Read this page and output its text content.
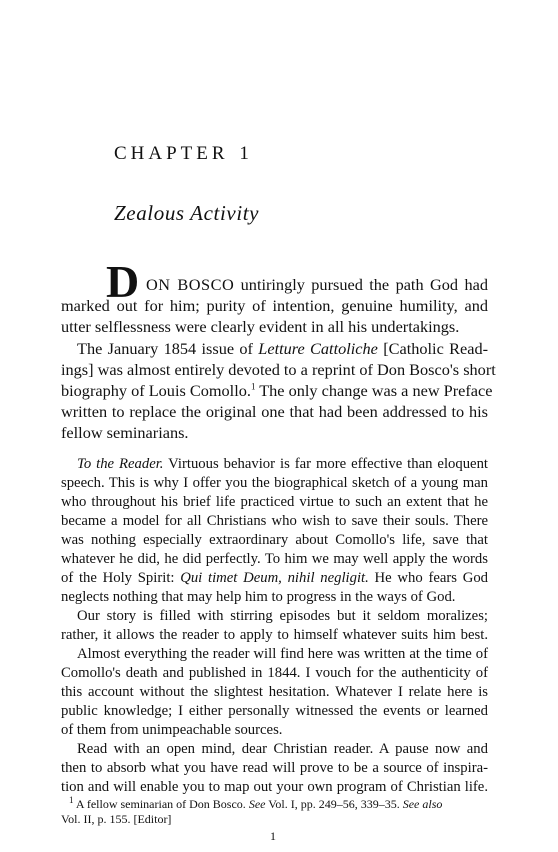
CHAPTER 1
Zealous Activity
D ON BOSCO untiringly pursued the path God had
marked out for him; purity of intention, genuine humility, and
utter selflessness were clearly evident in all his undertakings.
The January 1854 issue of Letture Cattoliche [Catholic Read-
ings] was almost entirely devoted to a reprint of Don Bosco's short
biography of Louis Comollo.$^1$ The only change was a new Preface
written to replace the original one that had been addressed to his
fellow seminarians.
To the Reader. Virtuous behavior is far more effective than eloquent
speech. This is why I offer you the biographical sketch of a young man
who throughout his brief life practiced virtue to such an extent that he
became a model for all Christians who wish to save their souls. There
was nothing especially extraordinary about Comollo's life, save that
whatever he did, he did perfectly. To him we may well apply the words
of the Holy Spirit: Qui timet Deum, nihil negligit. He who fears God
neglects nothing that may help him to progress in the ways of God.
Our story is filled with stirring episodes but it seldom moralizes;
rather, it allows the reader to apply to himself whatever suits him best.
Almost everything the reader will find here was written at the time of
Comollo's death and published in 1844. I vouch for the authenticity of
this account without the slightest hesitation. Whatever I relate here is
public knowledge; I either personally witnessed the events or learned
of them from unimpeachable sources.
Read with an open mind, dear Christian reader. A pause now and
then to absorb what you have read will prove to be a source of inspira-
tion and will enable you to map out your own program of Christian life.
$^1$ A fellow seminarian of Don Bosco. See Vol. I, pp. 249–56, 339–35. See also
Vol. II, p. 155. [Editor]
1
